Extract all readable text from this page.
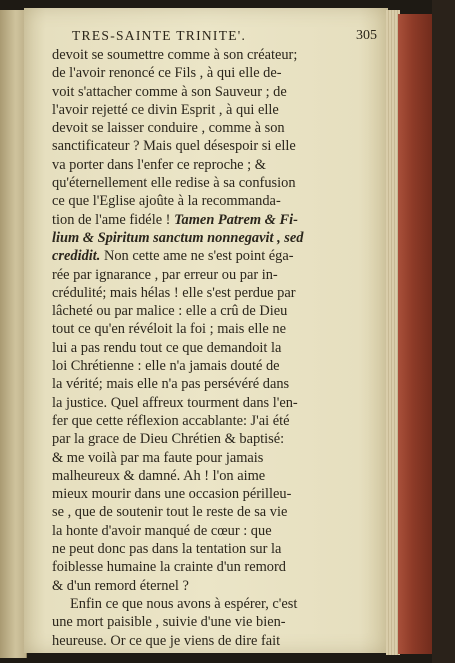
TRES-SAINTE TRINITE'.	305
devoit se soumettre comme à son créateur;
de l'avoir renoncé ce Fils , à qui elle de-
voit s'attacher comme à son Sauveur ; de
l'avoir rejetté ce divin Esprit , à qui elle
devoit se laisser conduire , comme à son
sanctificateur ? Mais quel désespoir si elle
va porter dans l'enfer ce reproche ; &
qu'éternellement elle redise à sa confusion
ce que l'Eglise ajoûte à la recommanda-
tion de l'ame fidéle ! Tamen Patrem & Fi-
lium & Spiritum sanctum nonnegavit , sed
credidit. Non cette ame ne s'est point éga-
rée par ignarance , par erreur ou par in-
crédulité; mais hélas ! elle s'est perdue par
lâcheté ou par malice : elle a crû de Dieu
tout ce qu'en révéloit la foi ; mais elle ne
lui a pas rendu tout ce que demandoit la
loi Chrétienne : elle n'a jamais douté de
la vérité; mais elle n'a pas persévéré dans
la justice. Quel affreux tourment dans l'en-
fer que cette réflexion accablante: J'ai été
par la grace de Dieu Chrétien & baptisé:
& me voilà par ma faute pour jamais
malheureux & damné. Ah ! l'on aime
mieux mourir dans une occasion périlleu-
se , que de soutenir tout le reste de sa vie
la honte d'avoir manqué de cœur : que
ne peut donc pas dans la tentation sur la
foiblesse humaine la crainte d'un remord
& d'un remord éternel ?
Enfin ce que nous avons à espérer, c'est
une mort paisible , suivie d'une vie bien-
heureuse. Or ce que je viens de dire fait
